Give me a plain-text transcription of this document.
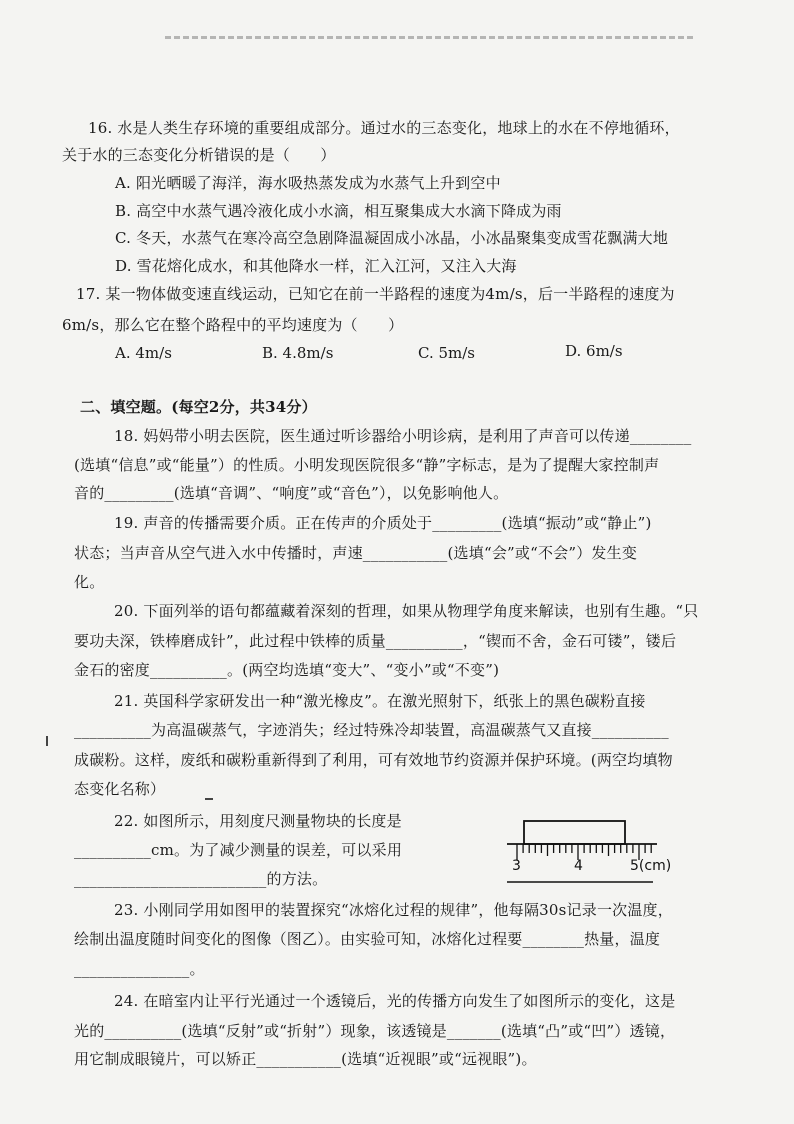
16. 水是人类生存环境的重要组成部分。通过水的三态变化，地球上的水在不停地循环，
关于水的三态变化分析错误的是（　　）
A. 阳光晒暖了海洋，海水吸热蒸发成为水蒸气上升到空中
B. 高空中水蒸气遇冷液化成小水滴，相互聚集成大水滴下降成为雨
C. 冬天，水蒸气在寒冷高空急剧降温凝固成小冰晶，小冰晶聚集变成雪花飘满大地
D. 雪花熔化成水，和其他降水一样，汇入江河，又注入大海
17. 某一物体做变速直线运动，已知它在前一半路程的速度为4m/s，后一半路程的速度为
6m/s，那么它在整个路程中的平均速度为（　　）
A. 4m/s	B. 4.8m/s	C. 5m/s	D. 6m/s
二、填空题。(每空2分，共34分）
18. 妈妈带小明去医院，医生通过听诊器给小明诊病，是利用了声音可以传递________
(选填“信息”或“能量”）的性质。小明发现医院很多“静”字标志，是为了提醒大家控制声
音的_________(选填“音调”、“响度”或“音色”），以免影响他人。
19. 声音的传播需要介质。正在传声的介质处于_________(选填“振动”或“静止”)
状态；当声音从空气进入水中传播时，声速___________(选填“会”或“不会”）发生变
化。
20. 下面列举的语句都蕴藏着深刻的哲理，如果从物理学角度来解读，也别有生趣。“只
要功夫深，铁棒磨成针”，此过程中铁棒的质量__________，“锲而不舍，金石可镂”，镂后
金石的密度__________。(两空均选填“变大”、“变小”或“不变”)
21. 英国科学家研发出一种“激光橡皮”。在激光照射下，纸张上的黑色碳粉直接
__________为高温碳蒸气，字迹消失；经过特殊冷却装置，高温碳蒸气又直接__________
成碳粉。这样，废纸和碳粉重新得到了利用，可有效地节约资源并保护环境。(两空均填物
态变化名称）
22. 如图所示，用刻度尺测量物块的长度是
__________cm。为了减少测量的误差，可以采用
_________________________的方法。
3	4	5(cm)
23. 小刚同学用如图甲的装置探究“冰熔化过程的规律”，他每隔30s记录一次温度，
绘制出温度随时间变化的图像（图乙）。由实验可知，冰熔化过程要________热量，温度
_______________。
24. 在暗室内让平行光通过一个透镜后，光的传播方向发生了如图所示的变化，这是
光的__________(选填“反射”或“折射”）现象，该透镜是_______(选填“凸”或“凹”）透镜，
用它制成眼镜片，可以矫正___________(选填“近视眼”或“远视眼”)。
